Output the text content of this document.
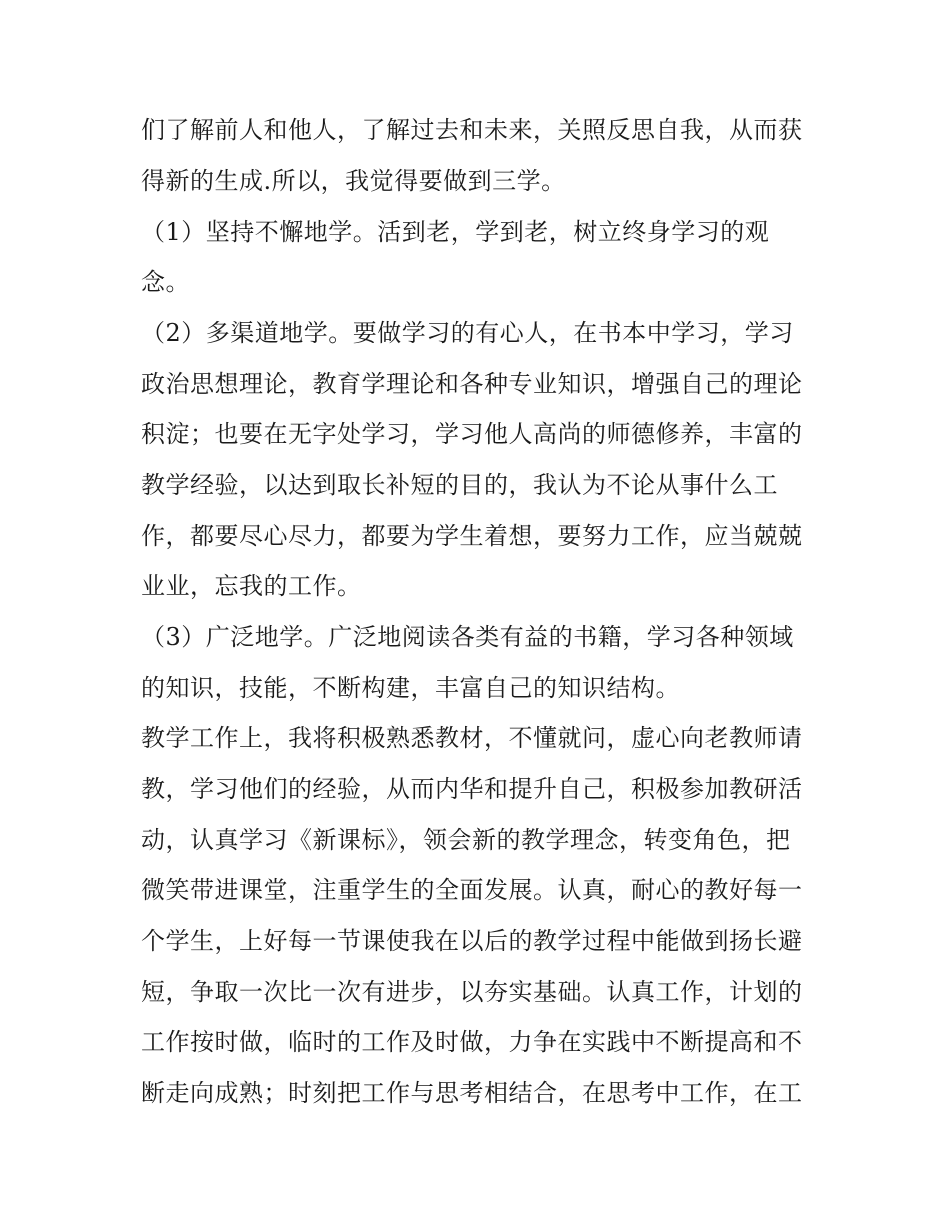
们了解前人和他人，了解过去和未来，关照反思自我，从而获
得新的生成.所以，我觉得要做到三学。
（1）坚持不懈地学。活到老，学到老，树立终身学习的观
念。
（2）多渠道地学。要做学习的有心人，在书本中学习，学习
政治思想理论，教育学理论和各种专业知识，增强自己的理论
积淀；也要在无字处学习，学习他人高尚的师德修养，丰富的
教学经验，以达到取长补短的目的，我认为不论从事什么工
作，都要尽心尽力，都要为学生着想，要努力工作，应当兢兢
业业，忘我的工作。
（3）广泛地学。广泛地阅读各类有益的书籍，学习各种领域
的知识，技能，不断构建，丰富自己的知识结构。
教学工作上，我将积极熟悉教材，不懂就问，虚心向老教师请
教，学习他们的经验，从而内华和提升自己，积极参加教研活
动，认真学习《新课标》，领会新的教学理念，转变角色，把
微笑带进课堂，注重学生的全面发展。认真，耐心的教好每一
个学生，上好每一节课使我在以后的教学过程中能做到扬长避
短，争取一次比一次有进步，以夯实基础。认真工作，计划的
工作按时做，临时的工作及时做，力争在实践中不断提高和不
断走向成熟；时刻把工作与思考相结合，在思考中工作，在工
